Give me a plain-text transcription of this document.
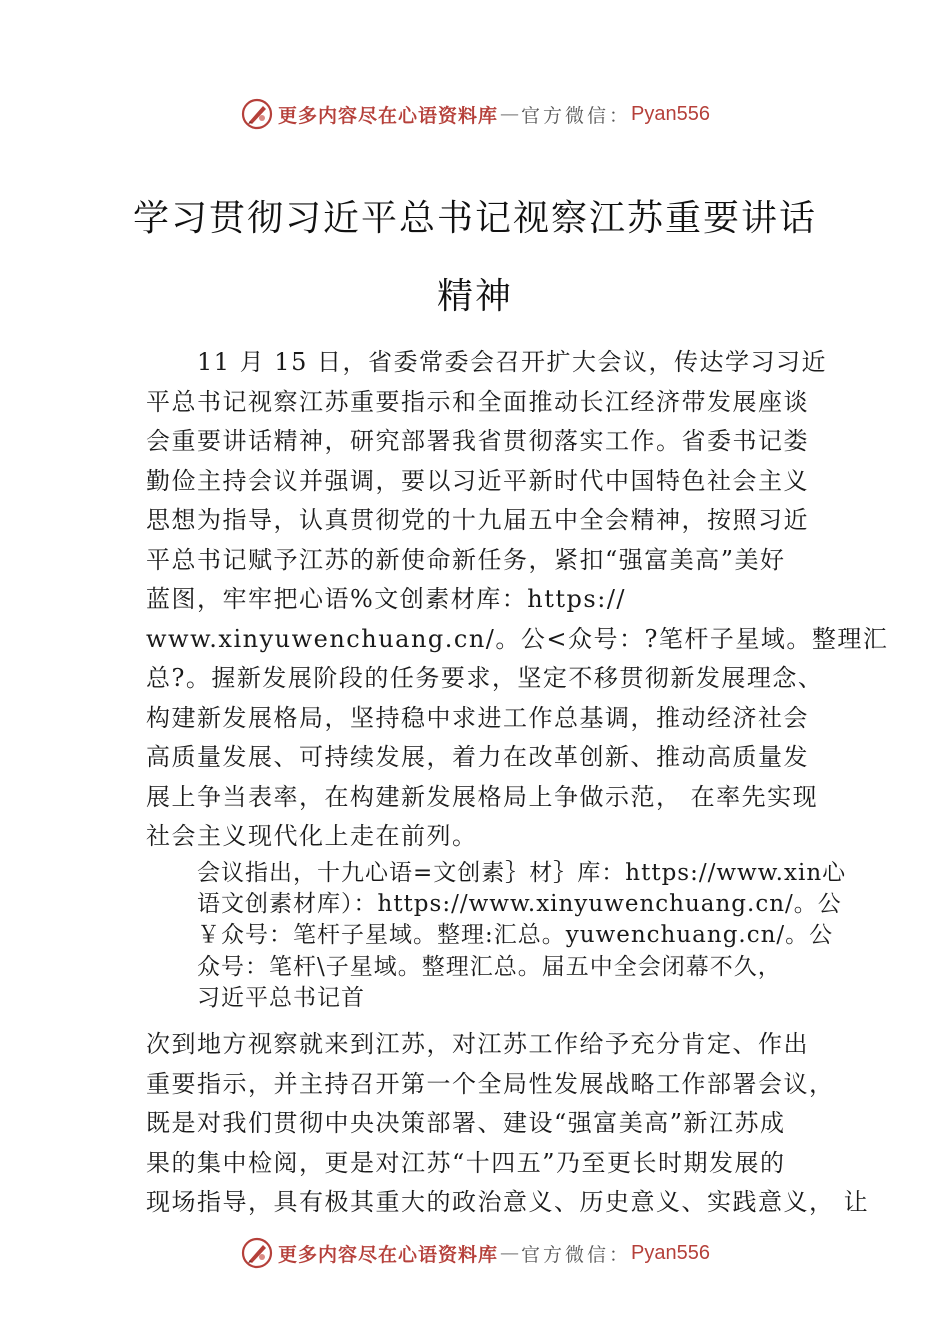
更多内容尽在心语资料库 — 官方微信： Pyan556
学习贯彻习近平总书记视察江苏重要讲话
精神
　　11 月 15 日，省委常委会召开扩大会议，传达学习习近
平总书记视察江苏重要指示和全面推动长江经济带发展座谈
会重要讲话精神，研究部署我省贯彻落实工作。省委书记娄
勤俭主持会议并强调，要以习近平新时代中国特色社会主义
思想为指导，认真贯彻党的十九届五中全会精神，按照习近
平总书记赋予江苏的新使命新任务，紧扣“强富美高”美好
蓝图，牢牢把心语%文创素材库：https://
www.xinyuwenchuang.cn/。公<众号：?笔杆子星域。整理汇
总?。握新发展阶段的任务要求，坚定不移贯彻新发展理念、
构建新发展格局，坚持稳中求进工作总基调，推动经济社会
高质量发展、可持续发展，着力在改革创新、推动高质量发
展上争当表率，在构建新发展格局上争做示范， 在率先实现
社会主义现代化上走在前列。
会议指出，十九心语=文创素｝材｝库：https://www.xin心
语文创素材库）：https://www.xinyuwenchuang.cn/。公
￥众号：笔杆子星域。整理:汇总。yuwenchuang.cn/。公
众号：笔杆\子星域。整理汇总。届五中全会闭幕不久，
习近平总书记首
次到地方视察就来到江苏，对江苏工作给予充分肯定、作出
重要指示，并主持召开第一个全局性发展战略工作部署会议，
既是对我们贯彻中央决策部署、建设“强富美高”新江苏成
果的集中检阅，更是对江苏“十四五”乃至更长时期发展的
现场指导，具有极其重大的政治意义、历史意义、实践意义， 让
更多内容尽在心语资料库 — 官方微信： Pyan556
